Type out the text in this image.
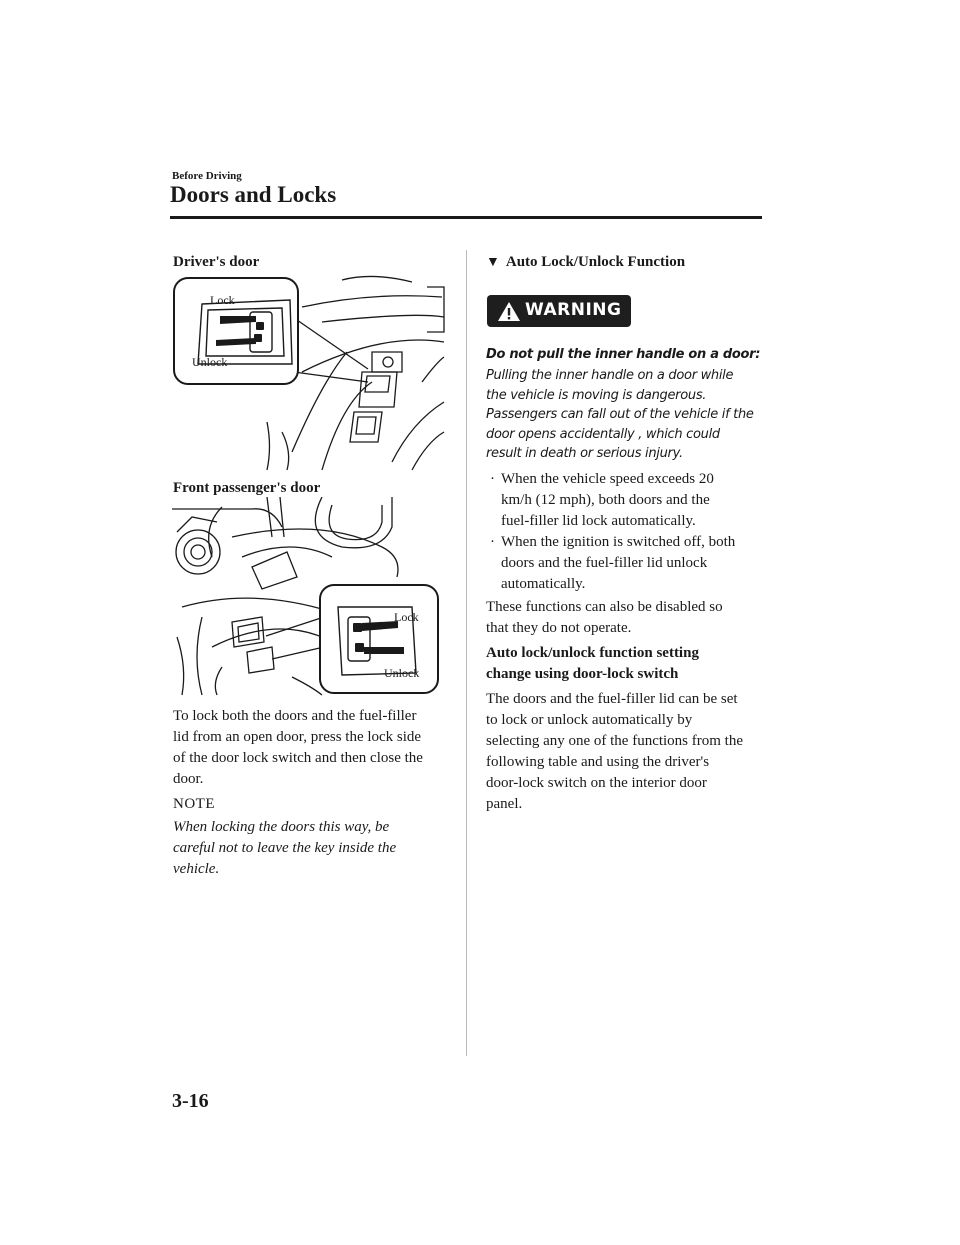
Before Driving
Doors and Locks
Driver's door
Lock
Unlock
Front passenger's door
Lock
Unlock
To lock both the doors and the fuel-filler
lid from an open door, press the lock side
of the door lock switch and then close the
door.
NOTE
When locking the doors this way, be
careful not to leave the key inside the
vehicle.
▼ Auto Lock/Unlock Function
WARNING
Do not pull the inner handle on a door:
Pulling the inner handle on a door while
the vehicle is moving is dangerous.
Passengers can fall out of the vehicle if the
door opens accidentally , which could
result in death or serious injury.
· When the vehicle speed exceeds 20
km/h (12 mph), both doors and the
fuel-filler lid lock automatically.
· When the ignition is switched off, both
doors and the fuel-filler lid unlock
automatically.
These functions can also be disabled so
that they do not operate.
Auto lock/unlock function setting
change using door-lock switch
The doors and the fuel-filler lid can be set
to lock or unlock automatically by
selecting any one of the functions from the
following table and using the driver's
door-lock switch on the interior door
panel.
3-16
